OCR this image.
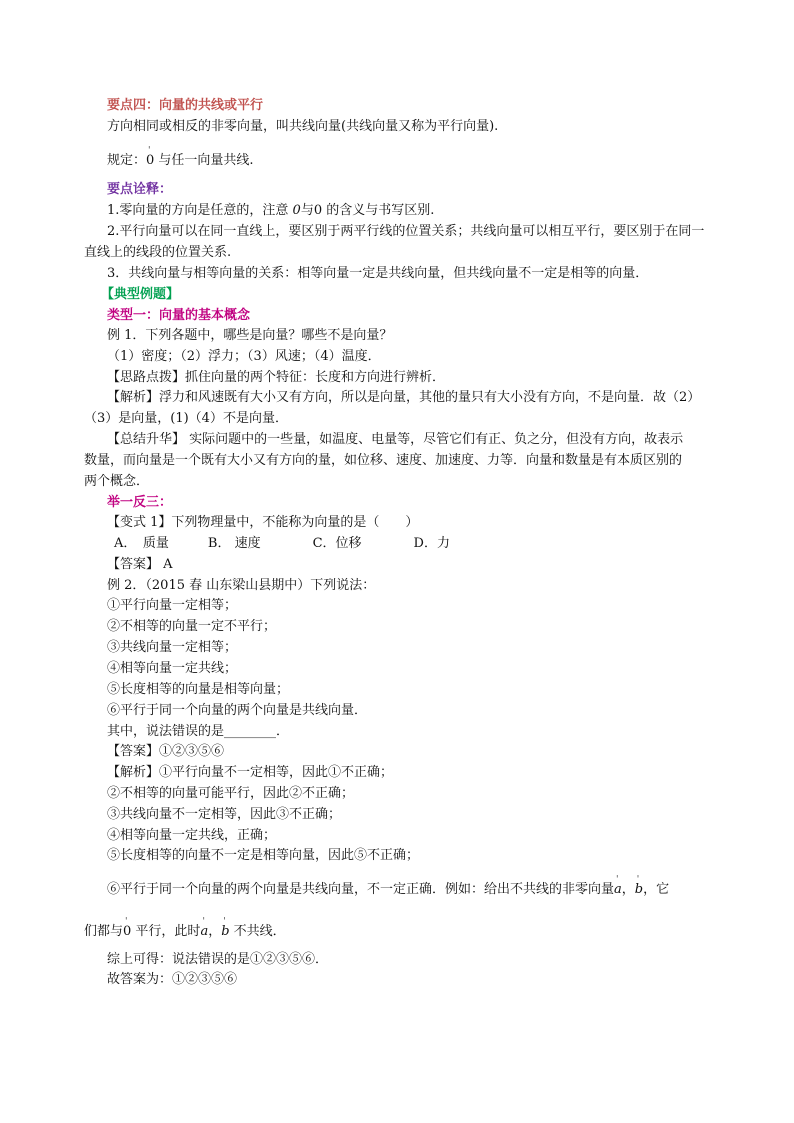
要点四：向量的共线或平行
方向相同或相反的非零向量，叫共线向量(共线向量又称为平行向量).
规定：' 0 与任一向量共线.
要点诠释：
1.零向量的方向是任意的，注意 0与0 的含义与书写区别.
2.平行向量可以在同一直线上，要区别于两平行线的位置关系；共线向量可以相互平行，要区别于在同一
直线上的线段的位置关系.
3．共线向量与相等向量的关系：相等向量一定是共线向量，但共线向量不一定是相等的向量．
【典型例题】
类型一：向量的基本概念
例 1．下列各题中，哪些是向量？哪些不是向量？
（1）密度；（2）浮力；（3）风速；（4）温度．
【思路点拨】抓住向量的两个特征：长度和方向进行辨析．
【解析】浮力和风速既有大小又有方向，所以是向量，其他的量只有大小没有方向，不是向量．故（2）
（3）是向量，(1)（4）不是向量．
【总结升华】 实际问题中的一些量，如温度、电量等，尽管它们有正、负之分，但没有方向，故表示
数量，而向量是一个既有大小又有方向的量，如位移、速度、加速度、力等．向量和数量是有本质区别的
两个概念．
举一反三：
【变式 1】下列物理量中，不能称为向量的是（　　）
A．　质量　　　B． 速度　　　　C．位移　　　　D．力
【答案】 A
例 2．（2015 春 山东梁山县期中）下列说法：
①平行向量一定相等；
②不相等的向量一定不平行；
③共线向量一定相等；
④相等向量一定共线；
⑤长度相等的向量是相等向量；
⑥平行于同一个向量的两个向量是共线向量．
其中，说法错误的是________．
【答案】①②③⑤⑥
【解析】①平行向量不一定相等，因此①不正确；
②不相等的向量可能平行，因此②不正确；
③共线向量不一定相等，因此③不正确；
④相等向量一定共线，正确；
⑤长度相等的向量不一定是相等向量，因此⑤不正确；
⑥平行于同一个向量的两个向量是共线向量，不一定正确．例如：给出不共线的非零向量' a，' b，它
们都与' 0 平行，此时' a，' b 不共线．
综上可得：说法错误的是①②③⑤⑥．
故答案为：①②③⑤⑥
